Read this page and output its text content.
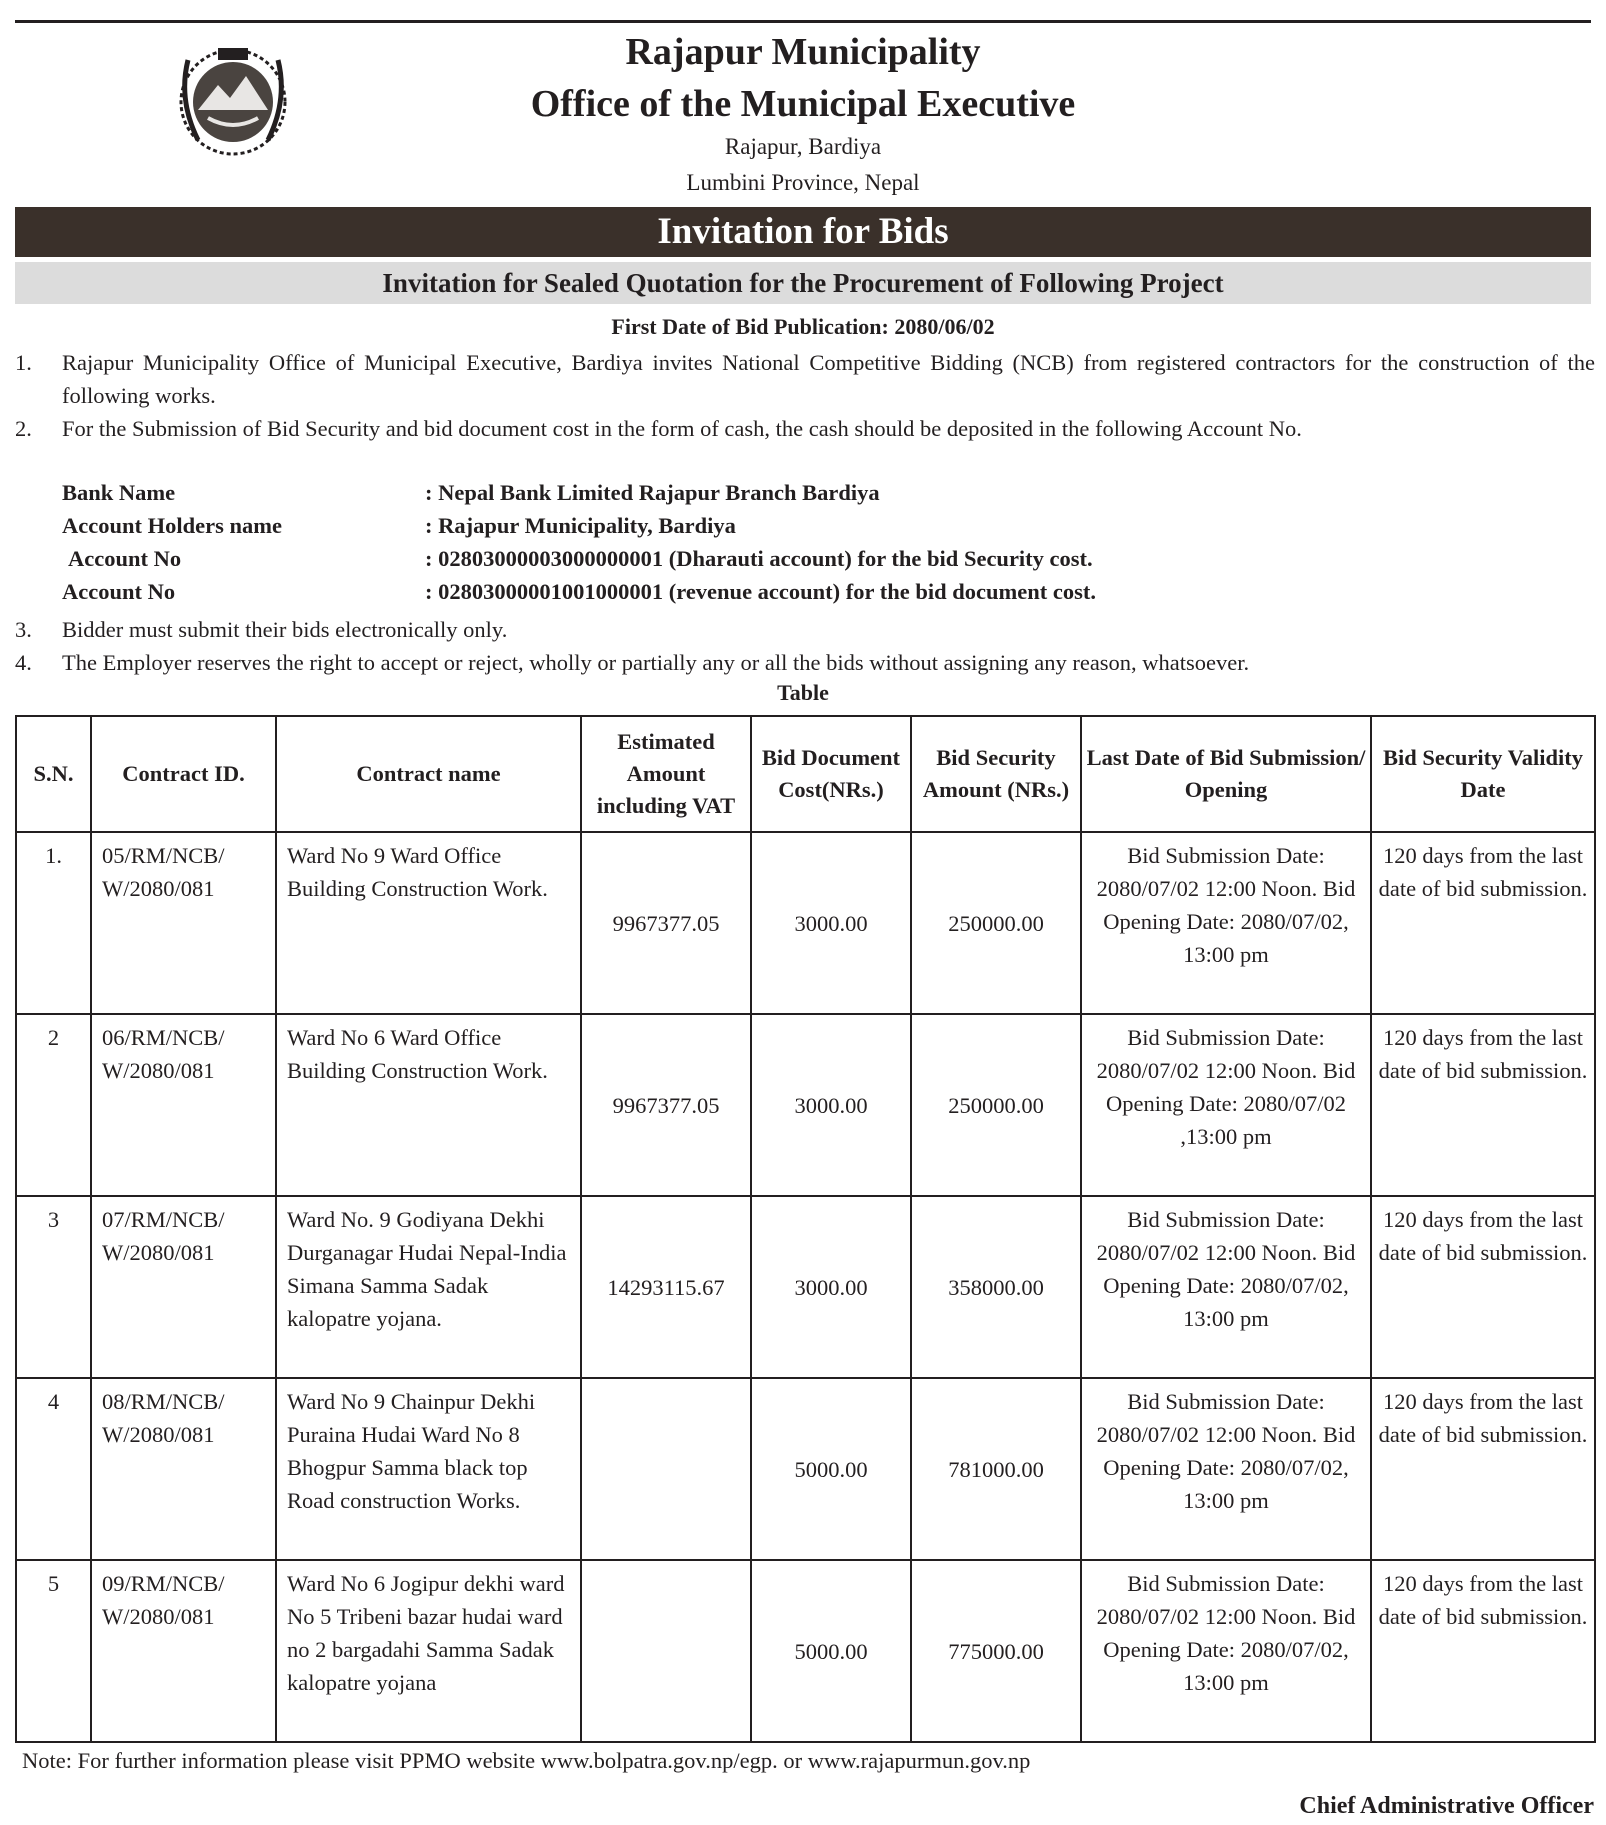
Rajapur Municipality
Office of the Municipal Executive
Rajapur, Bardiya
Lumbini Province, Nepal
Invitation for Bids
Invitation for Sealed Quotation for the Procurement of Following Project
First Date of Bid Publication: 2080/06/02
1.	Rajapur Municipality Office of Municipal Executive, Bardiya invites National Competitive Bidding (NCB) from registered contractors for the construction of the following works.
2.	For the Submission of Bid Security and bid document cost in the form of cash, the cash should be deposited in the following Account No.
Bank Name	: Nepal Bank Limited Rajapur Branch Bardiya
Account Holders name	: Rajapur Municipality, Bardiya
Account No	: 02803000003000000001 (Dharauti account) for the bid Security cost.
Account No	: 02803000001001000001 (revenue account) for the bid document cost.
3.	Bidder must submit their bids electronically only.
4.	The Employer reserves the right to accept or reject, wholly or partially any or all the bids without assigning any reason, whatsoever.
Table
S.N.	Contract ID.	Contract name	Estimated Amount including VAT	Bid Document Cost(NRs.)	Bid Security Amount (NRs.)	Last Date of Bid Submission/ Opening	Bid Security Validity Date
1.	05/RM/NCB/ W/2080/081	Ward No 9 Ward Office Building Construction Work.	9967377.05	3000.00	250000.00	Bid Submission Date: 2080/07/02 12:00 Noon. Bid Opening Date: 2080/07/02, 13:00 pm	120 days from the last date of bid submission.
2	06/RM/NCB/ W/2080/081	Ward No 6 Ward Office Building Construction Work.	9967377.05	3000.00	250000.00	Bid Submission Date: 2080/07/02 12:00 Noon. Bid Opening Date: 2080/07/02 ,13:00 pm	120 days from the last date of bid submission.
3	07/RM/NCB/ W/2080/081	Ward No. 9 Godiyana Dekhi Durganagar Hudai Nepal-India Simana Samma Sadak kalopatre yojana.	14293115.67	3000.00	358000.00	Bid Submission Date: 2080/07/02 12:00 Noon. Bid Opening Date: 2080/07/02, 13:00 pm	120 days from the last date of bid submission.
4	08/RM/NCB/ W/2080/081	Ward No 9 Chainpur Dekhi Puraina Hudai Ward No 8 Bhogpur Samma black top Road construction Works.		5000.00	781000.00	Bid Submission Date: 2080/07/02 12:00 Noon. Bid Opening Date: 2080/07/02, 13:00 pm	120 days from the last date of bid submission.
5	09/RM/NCB/ W/2080/081	Ward No 6 Jogipur dekhi ward No 5 Tribeni bazar hudai ward no 2 bargadahi Samma Sadak kalopatre yojana		5000.00	775000.00	Bid Submission Date: 2080/07/02 12:00 Noon. Bid Opening Date: 2080/07/02, 13:00 pm	120 days from the last date of bid submission.
Note: For further information please visit PPMO website www.bolpatra.gov.np/egp. or www.rajapurmun.gov.np
Chief Administrative Officer
